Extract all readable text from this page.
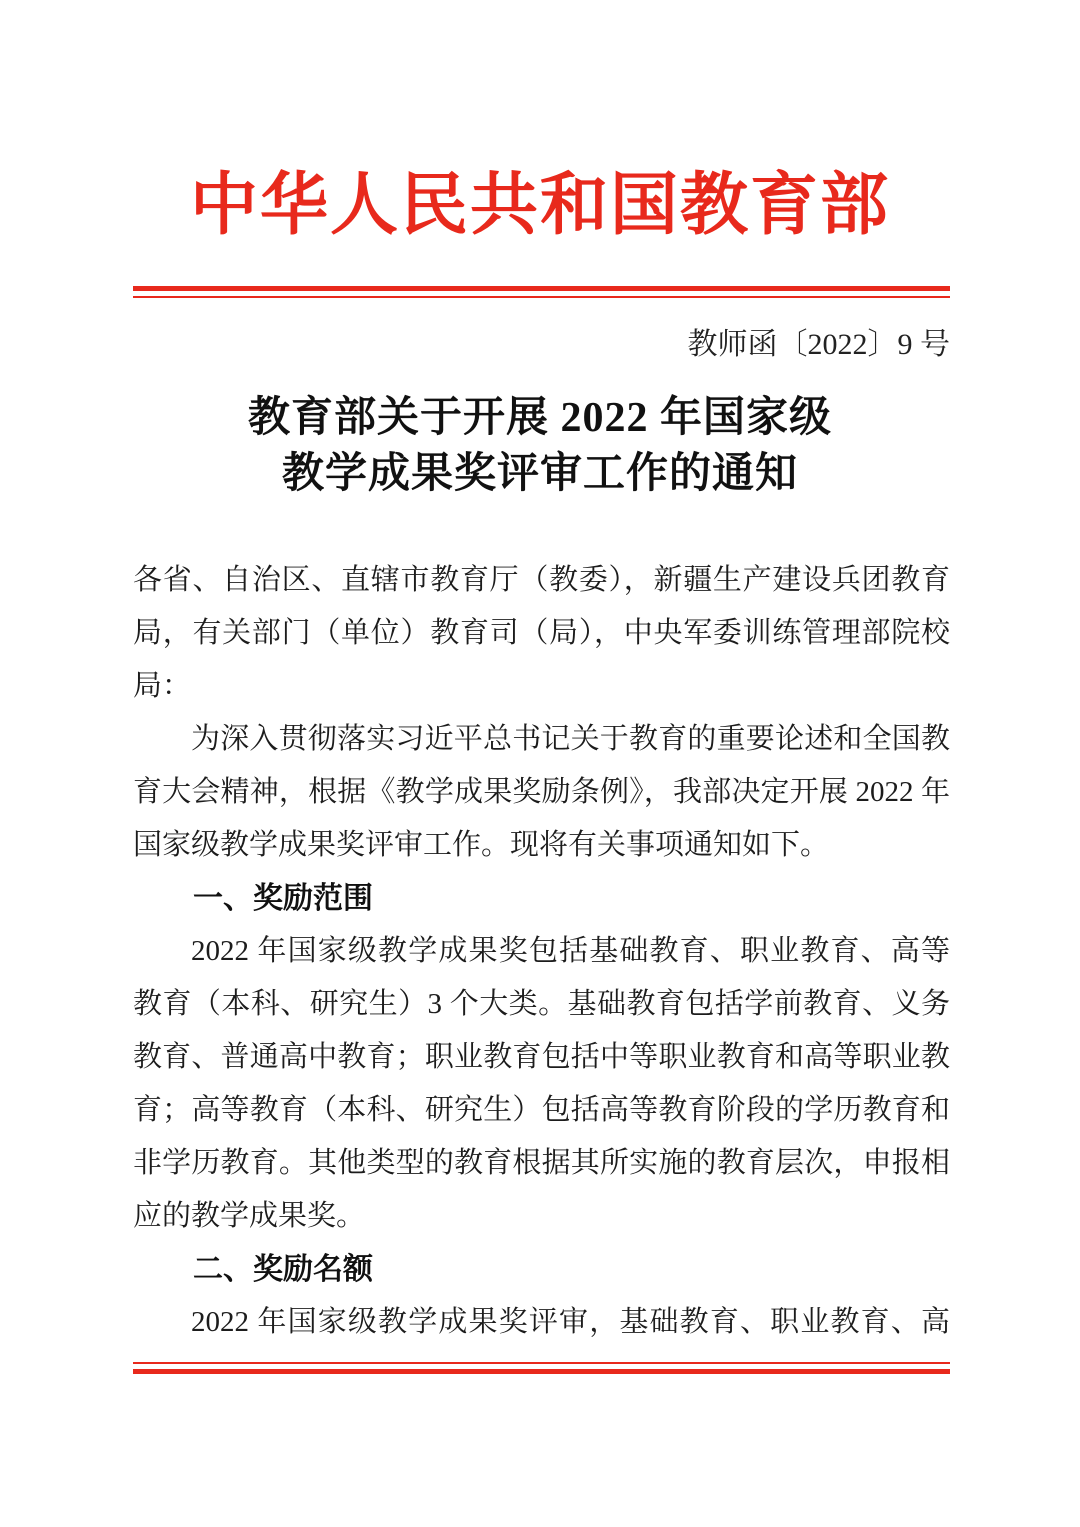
中华人民共和国教育部
教师函〔2022〕9 号
教育部关于开展 2022 年国家级
教学成果奖评审工作的通知

各省、自治区、直辖市教育厅（教委），新疆生产建设兵团教育局，有关部门（单位）教育司（局），中央军委训练管理部院校局：

为深入贯彻落实习近平总书记关于教育的重要论述和全国教育大会精神，根据《教学成果奖励条例》，我部决定开展 2022 年国家级教学成果奖评审工作。现将有关事项通知如下。

一、奖励范围

2022 年国家级教学成果奖包括基础教育、职业教育、高等教育（本科、研究生）3 个大类。基础教育包括学前教育、义务教育、普通高中教育；职业教育包括中等职业教育和高等职业教育；高等教育（本科、研究生）包括高等教育阶段的学历教育和非学历教育。其他类型的教育根据其所实施的教育层次，申报相应的教学成果奖。

二、奖励名额

2022 年国家级教学成果奖评审，基础教育、职业教育、高
